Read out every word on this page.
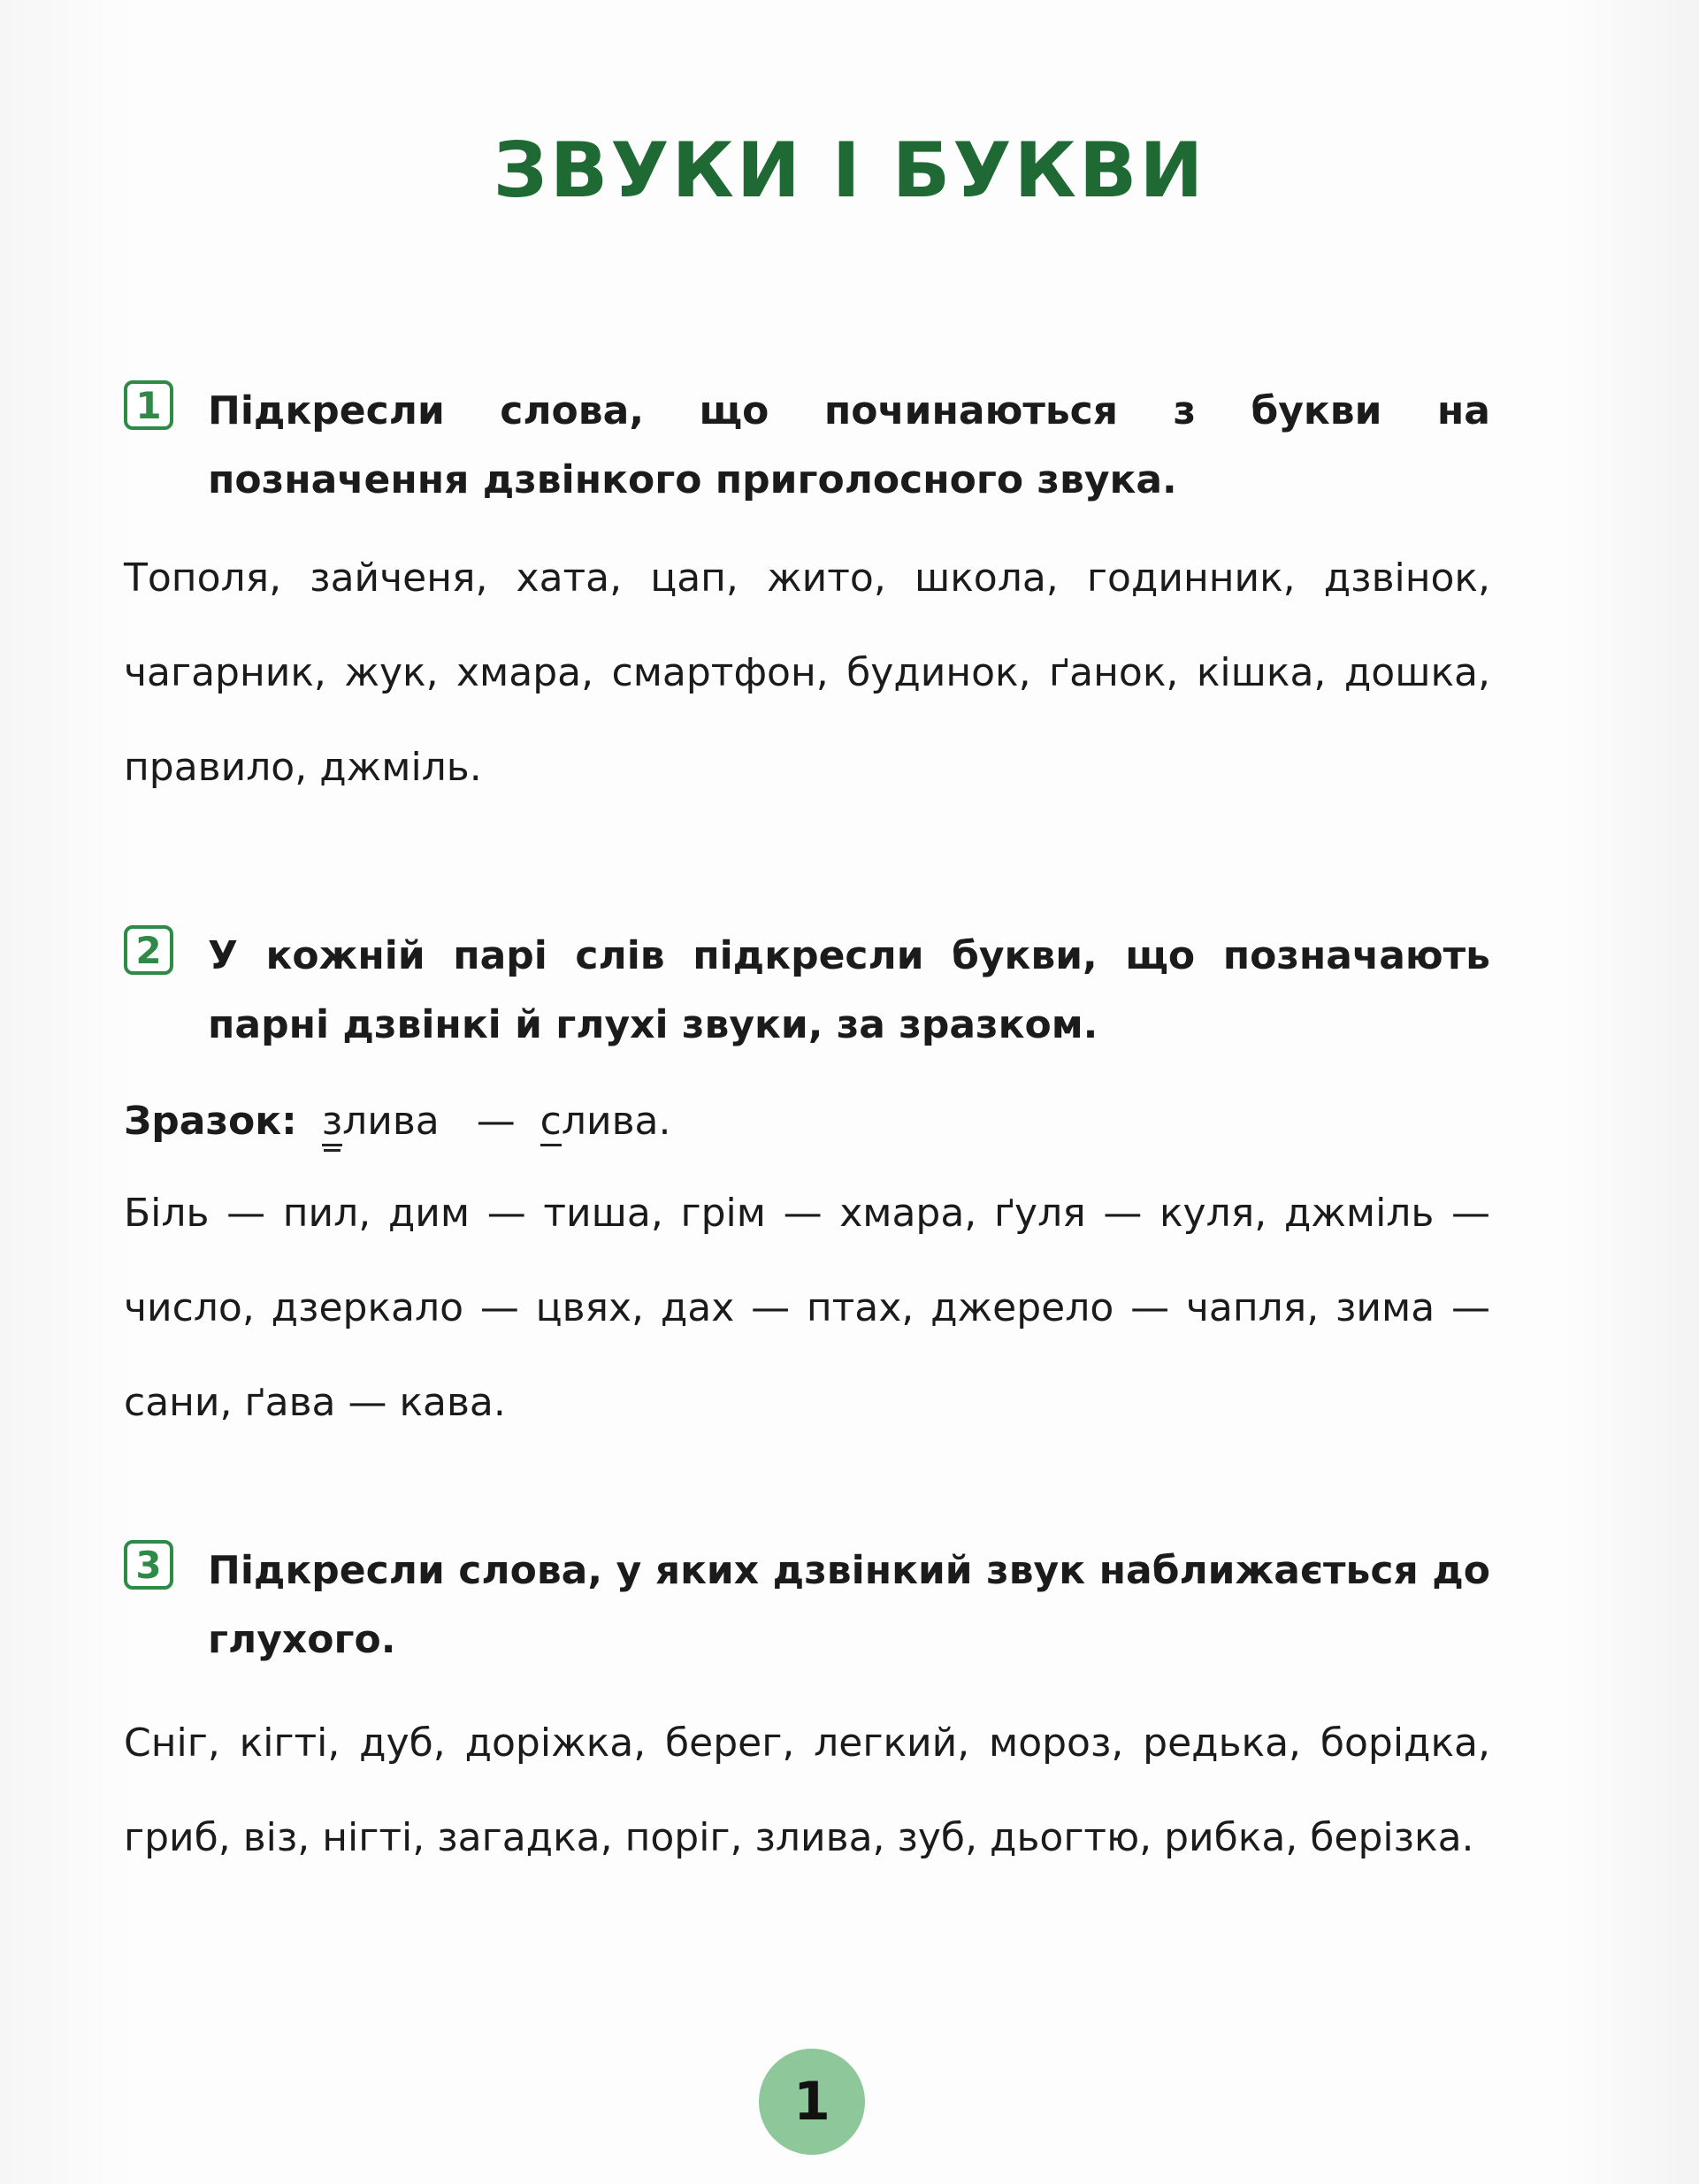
ЗВУКИ І БУКВИ
1	Підкресли слова, що починаються з букви на позначення дзвінкого приголосного звука.

Тополя, зайченя, хата, цап, жито, школа, годинник, дзвінок, чагарник, жук, хмара, смартфон, будинок, ґанок, кішка, дошка, правило, джміль.

2	У кожній парі слів підкресли букви, що позначають парні дзвінкі й глухі звуки, за зразком.

Зразок: злива — слива.

Біль — пил, дим — тиша, грім — хмара, ґуля — куля, джміль — число, дзеркало — цвях, дах — птах, джерело — чапля, зима — сани, ґава — кава.

3	Підкресли слова, у яких дзвінкий звук наближається до глухого.

Сніг, кігті, дуб, доріжка, берег, легкий, мороз, редька, борідка, гриб, віз, нігті, загадка, поріг, злива, зуб, дьогтю, рибка, берізка.

1
